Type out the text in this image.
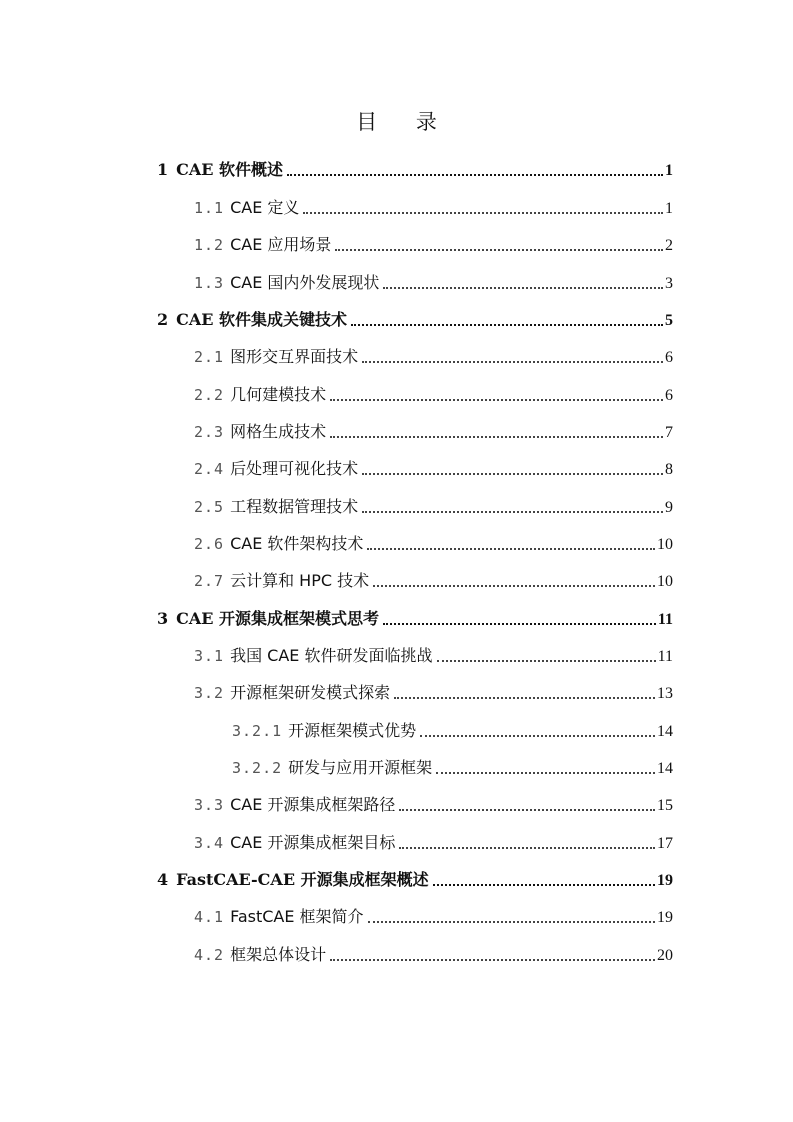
目 录
1 CAE 软件概述	1
1.1 CAE 定义	1
1.2 CAE 应用场景	2
1.3 CAE 国内外发展现状	3
2 CAE 软件集成关键技术	5
2.1 图形交互界面技术	6
2.2 几何建模技术	6
2.3 网格生成技术	7
2.4 后处理可视化技术	8
2.5 工程数据管理技术	9
2.6 CAE 软件架构技术	10
2.7 云计算和 HPC 技术	10
3 CAE 开源集成框架模式思考	11
3.1 我国 CAE 软件研发面临挑战	11
3.2 开源框架研发模式探索	13
3.2.1 开源框架模式优势	14
3.2.2 研发与应用开源框架	14
3.3 CAE 开源集成框架路径	15
3.4 CAE 开源集成框架目标	17
4 FastCAE-CAE 开源集成框架概述	19
4.1 FastCAE 框架简介	19
4.2 框架总体设计	20
